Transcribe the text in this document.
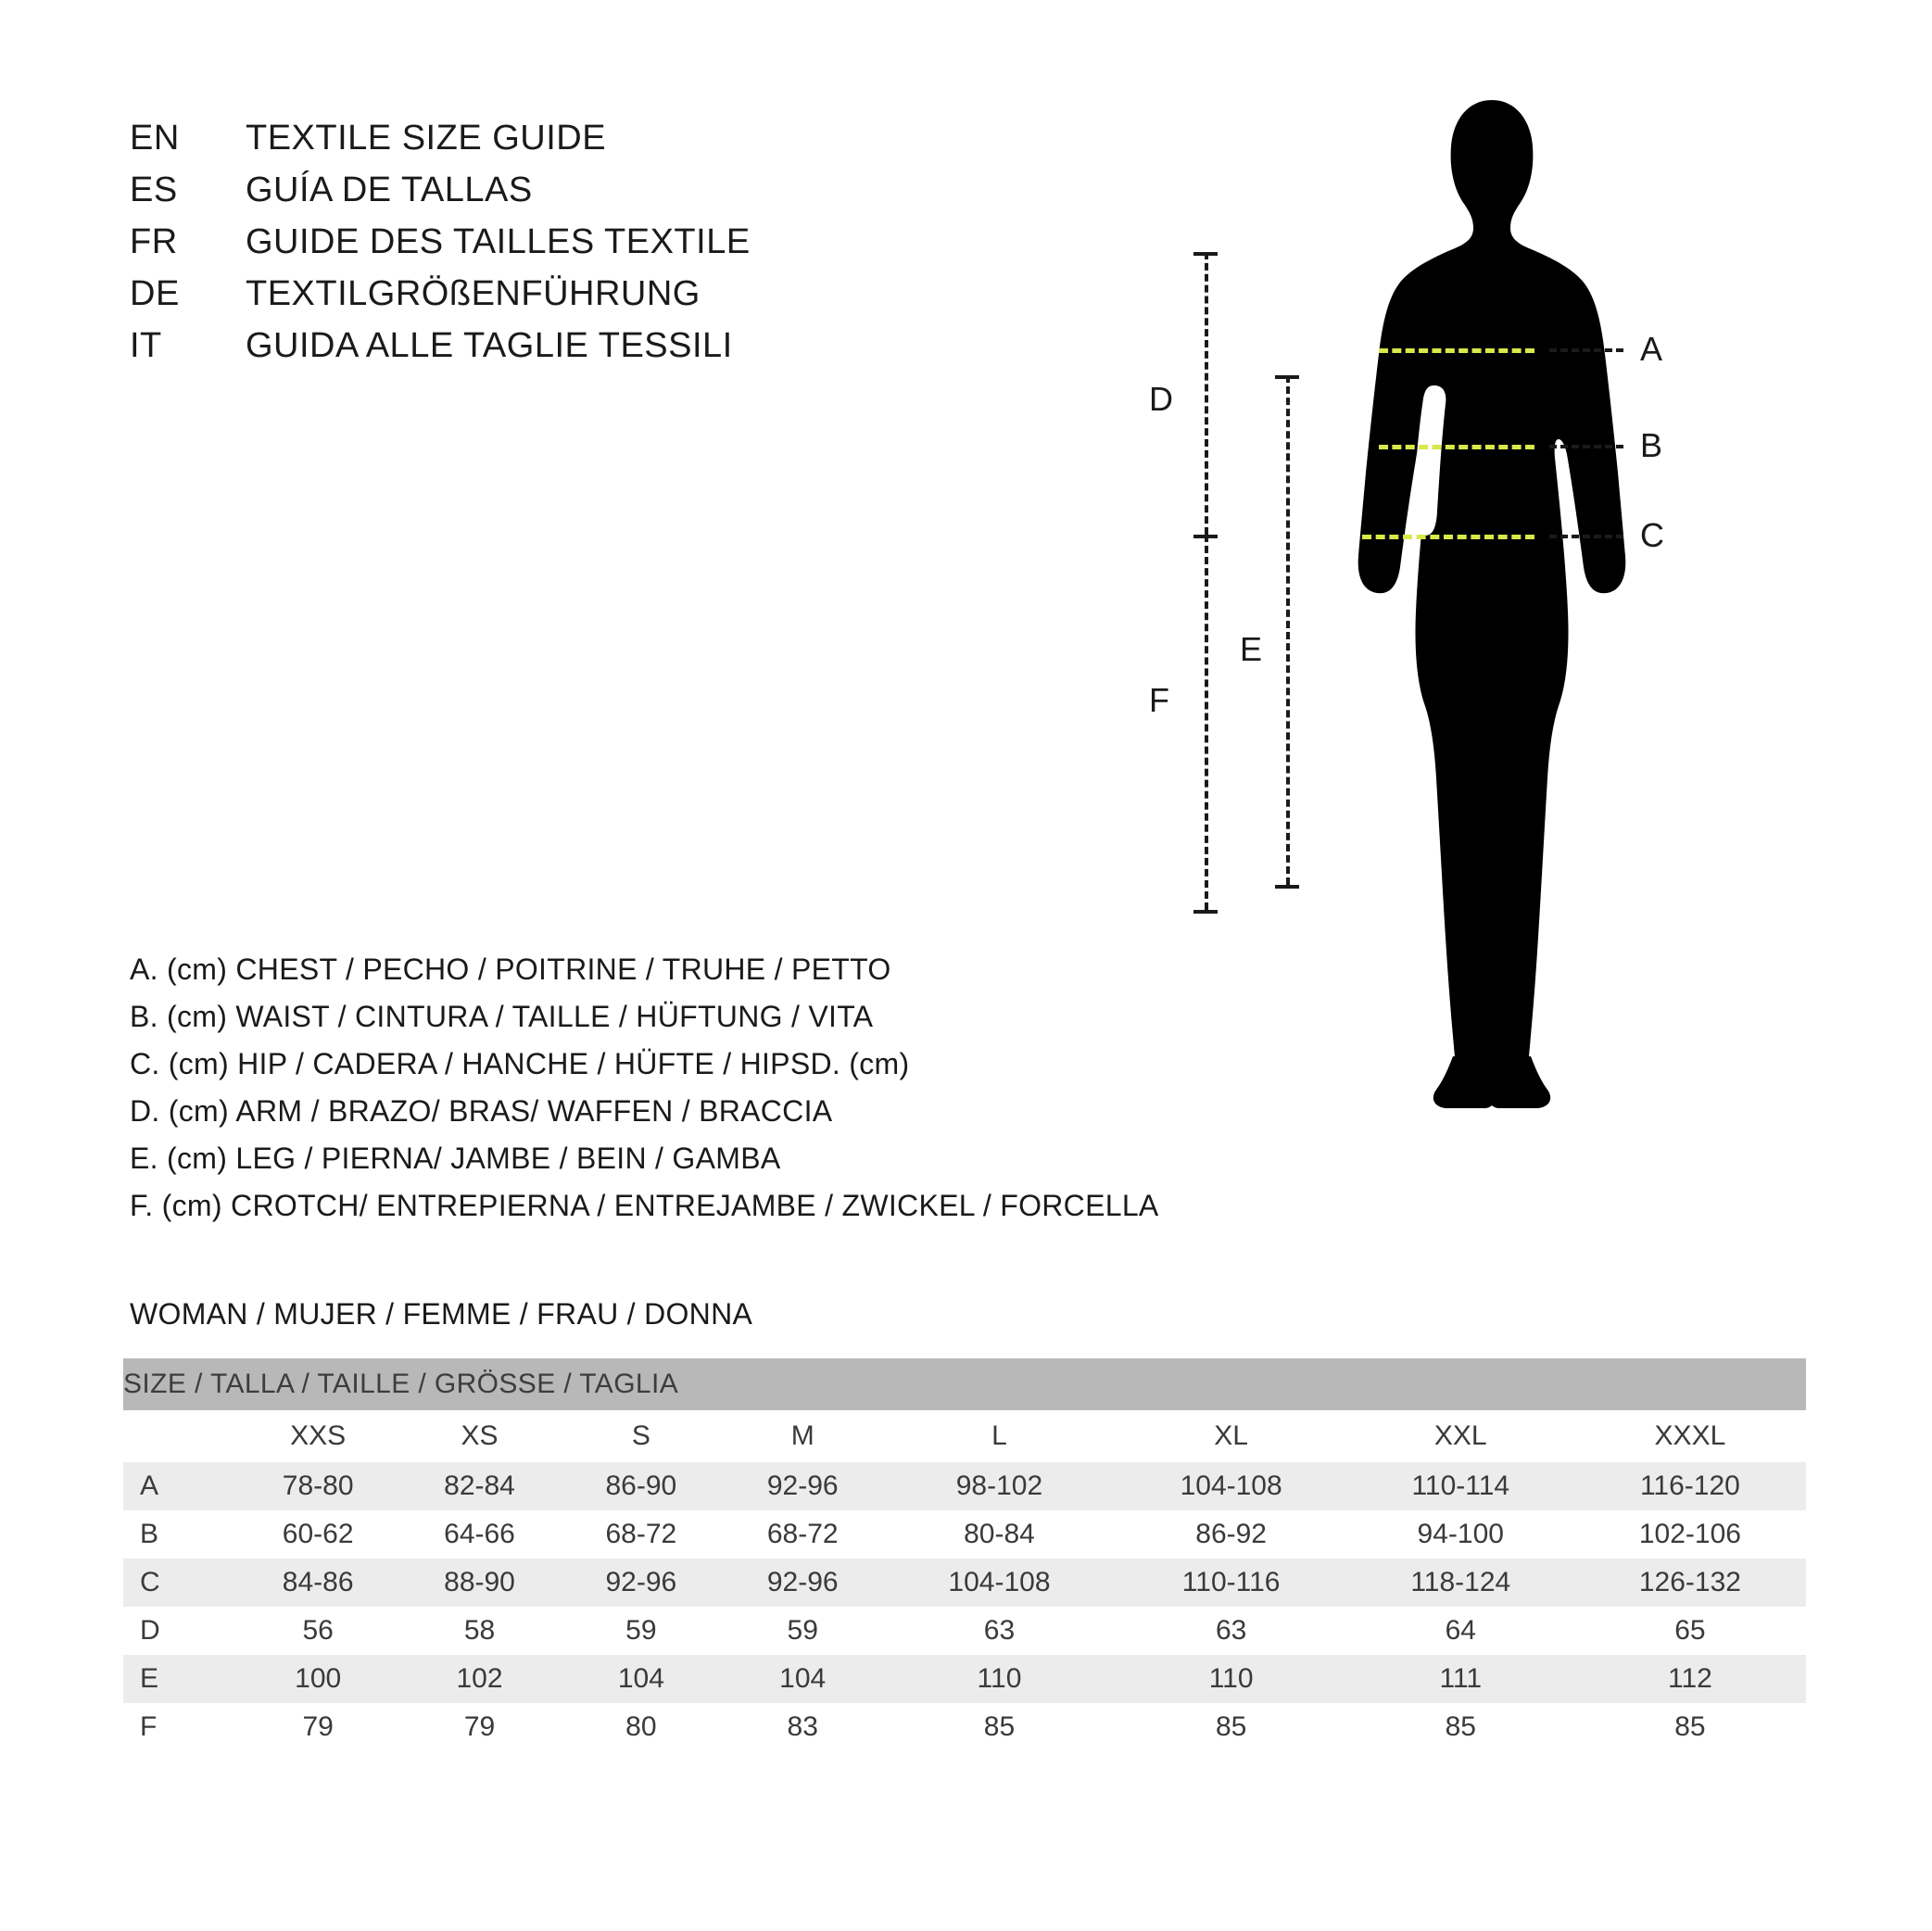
EN	TEXTILE SIZE GUIDE
ES	GUÍA DE TALLAS
FR	GUIDE DES TAILLES TEXTILE
DE	TEXTILGRÖßENFÜHRUNG
IT	GUIDA ALLE TAGLIE TESSILI	A
B
C
D
F
E
A. (cm) CHEST / PECHO / POITRINE / TRUHE / PETTO
B. (cm) WAIST / CINTURA / TAILLE / HÜFTUNG / VITA
C. (cm) HIP / CADERA / HANCHE / HÜFTE / HIPSD. (cm)
D. (cm) ARM / BRAZO/ BRAS/ WAFFEN / BRACCIA
E. (cm) LEG / PIERNA/ JAMBE / BEIN / GAMBA
F. (cm) CROTCH/ ENTREPIERNA / ENTREJAMBE / ZWICKEL / FORCELLA
WOMAN / MUJER / FEMME / FRAU / DONNA
SIZE / TALLA / TAILLE / GRÖSSE / TAGLIA								
	XXS	XS	S	M	L	XL	XXL	XXXL
A	78-80	82-84	86-90	92-96	98-102	104-108	110-114	116-120
B	60-62	64-66	68-72	68-72	80-84	86-92	94-100	102-106
C	84-86	88-90	92-96	92-96	104-108	110-116	118-124	126-132
D	56	58	59	59	63	63	64	65
E	100	102	104	104	110	110	111	112
F	79	79	80	83	85	85	85	85
